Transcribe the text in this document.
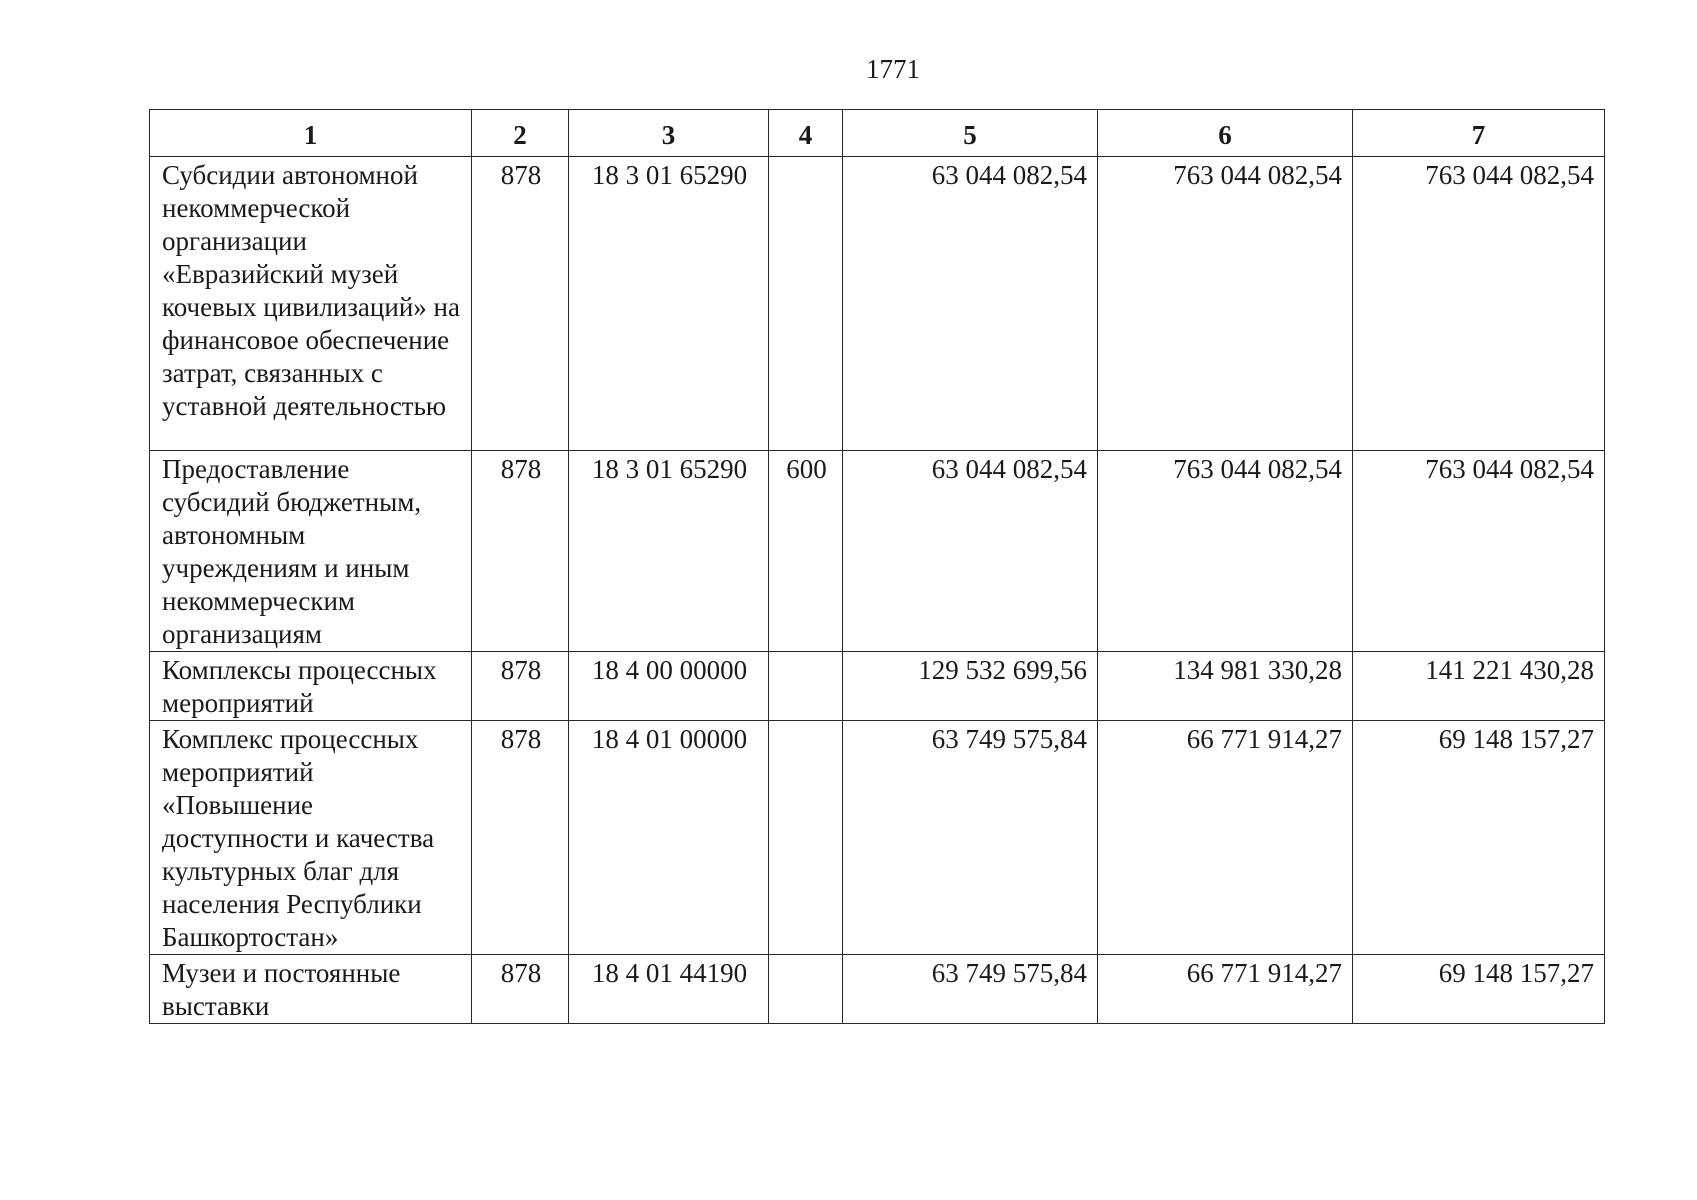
1771
1	2	3	4	5	6	7
Субсидии автономной некоммерческой организации «Евразийский музей кочевых цивилизаций» на финансовое обеспечение затрат, связанных с уставной деятельностью	878	18 3 01 65290		63 044 082,54	763 044 082,54	763 044 082,54
Предоставление субсидий бюджетным, автономным учреждениям и иным некоммерческим организациям	878	18 3 01 65290	600	63 044 082,54	763 044 082,54	763 044 082,54
Комплексы процессных мероприятий	878	18 4 00 00000		129 532 699,56	134 981 330,28	141 221 430,28
Комплекс процессных мероприятий «Повышение доступности и качества культурных благ для населения Республики Башкортостан»	878	18 4 01 00000		63 749 575,84	66 771 914,27	69 148 157,27
Музеи и постоянные выставки	878	18 4 01 44190		63 749 575,84	66 771 914,27	69 148 157,27
